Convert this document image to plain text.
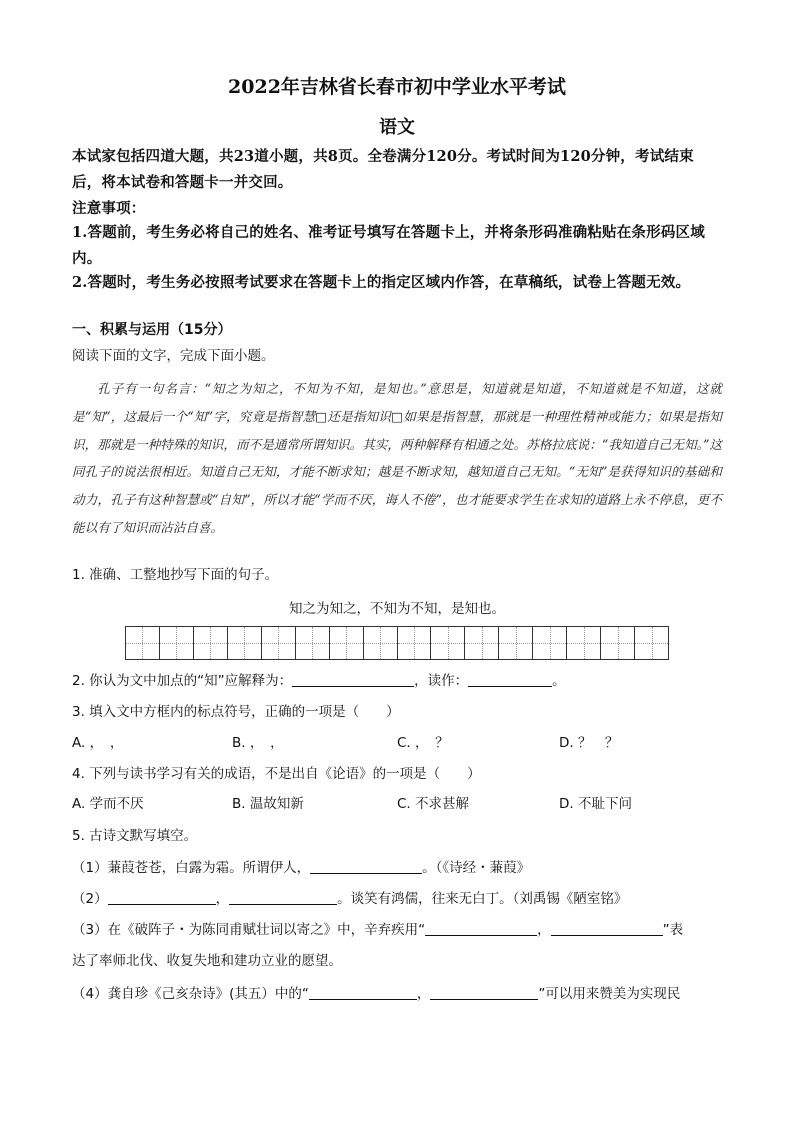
2022年吉林省长春市初中学业水平考试
语文
本试家包括四道大题，共23道小题，共8页。全卷满分120分。考试时间为120分钟，考试结束后，将本试卷和答题卡一并交回。
注意事项：
1.答题前，考生务必将自己的姓名、准考证号填写在答题卡上，并将条形码准确粘贴在条形码区域内。
2.答题时，考生务必按照考试要求在答题卡上的指定区域内作答，在草稿纸，试卷上答题无效。
一、积累与运用（15分）
阅读下面的文字，完成下面小题。
孔子有一句名言：“知之为知之，不知为不知，是知也。”意思是，知道就是知道，不知道就是不知道，这就是“知”，这最后一个“知”字，究竟是指智慧□还是指知识□如果是指智慧，那就是一种理性精神或能力；如果是指知识，那就是一种特殊的知识，而不是通常所谓知识。其实，两种解释有相通之处。苏格拉底说：“我知道自己无知。”这同孔子的说法很相近。知道自己无知，才能不断求知；越是不断求知，越知道自己无知。“无知”是获得知识的基础和动力，孔子有这种智慧或“自知”，所以才能“学而不厌，诲人不倦”，也才能要求学生在求知的道路上永不停息，更不能以有了知识而沾沾自喜。
1. 准确、工整地抄写下面的句子。
知之为知之，不知为不知，是知也。
2. 你认为文中加点的“知”应解释为：	，读作：	。
3. 填入文中方框内的标点符号，正确的一项是（　　）
A. ，　，	B. ，　，	C. ，　？	D. ？　？
4. 下列与读书学习有关的成语，不是出自《论语》的一项是（　　）
A. 学而不厌	B. 温故知新	C. 不求甚解	D. 不耻下问
5. 古诗文默写填空。
（1）蒹葭苍苍，白露为霜。所谓伊人，	。（《诗经・蒹葭》
（2）	，	。谈笑有鸿儒，往来无白丁。（刘禹锡《陋室铭》
（3）在《破阵子・为陈同甫赋壮词以寄之》中，辛弃疾用“	，	”表
达了率师北伐、收复失地和建功立业的愿望。
（4）龚自珍《己亥杂诗》(其五）中的“	，	”可以用来赞美为实现民
